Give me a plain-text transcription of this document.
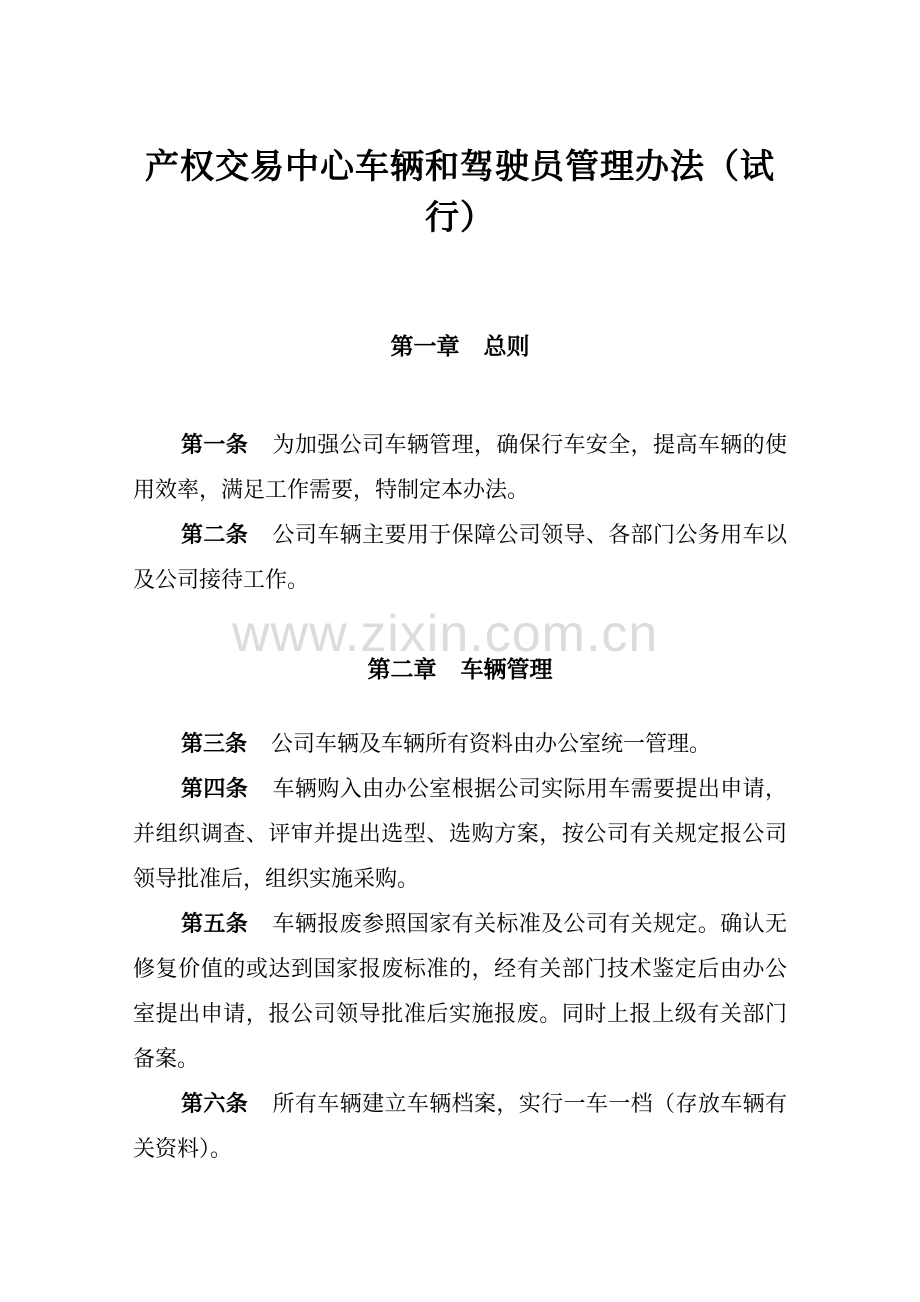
产权交易中心车辆和驾驶员管理办法（试行）
第一章 总则

第一条 为加强公司车辆管理，确保行车安全，提高车辆的使用效率，满足工作需要，特制定本办法。

第二条 公司车辆主要用于保障公司领导、各部门公务用车以及公司接待工作。

www.zixin.com.cn
第二章 车辆管理

第三条 公司车辆及车辆所有资料由办公室统一管理。

第四条 车辆购入由办公室根据公司实际用车需要提出申请，并组织调查、评审并提出选型、选购方案，按公司有关规定报公司领导批准后，组织实施采购。

第五条 车辆报废参照国家有关标准及公司有关规定。确认无修复价值的或达到国家报废标准的，经有关部门技术鉴定后由办公室提出申请，报公司领导批准后实施报废。同时上报上级有关部门备案。

第六条 所有车辆建立车辆档案，实行一车一档（存放车辆有关资料）。
